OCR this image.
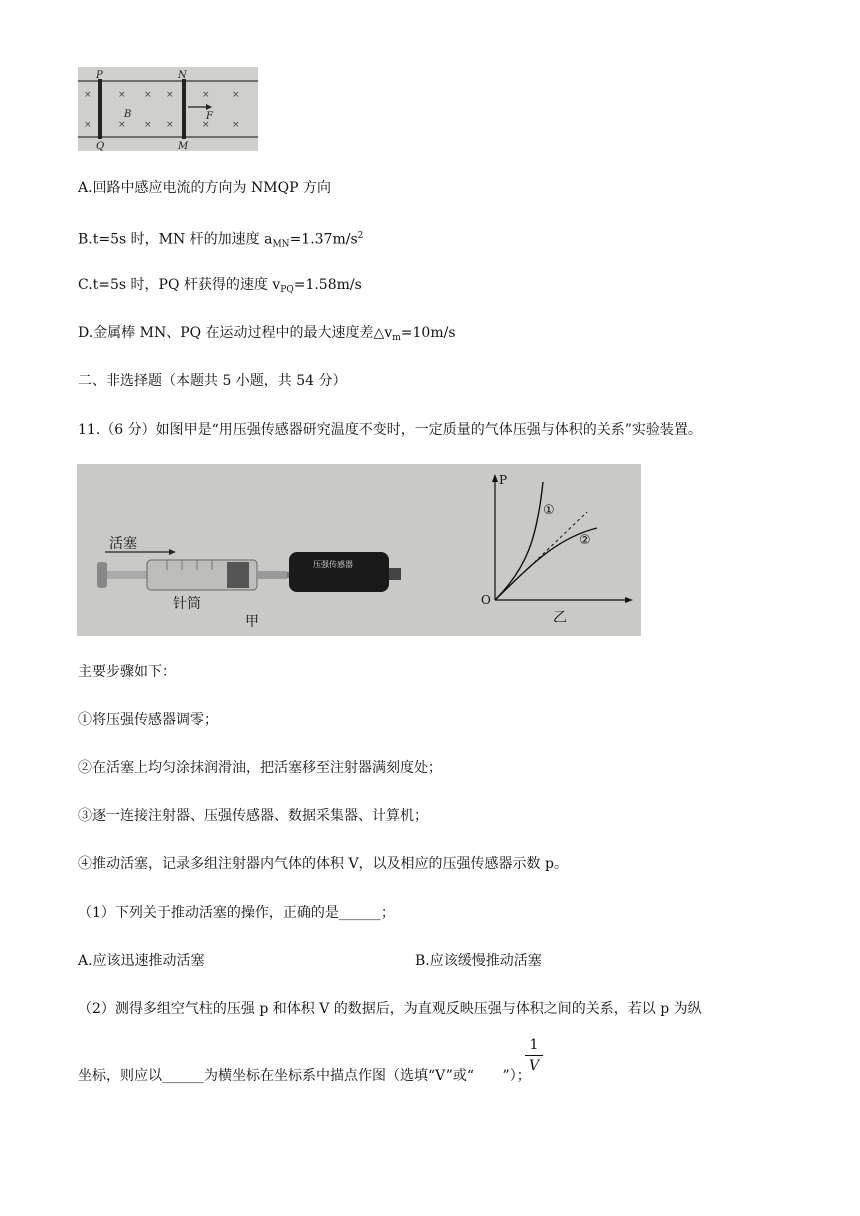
×	× × ×	× ×
×	× × ×	× ×
P	N
B	F
Q	M
A.回路中感应电流的方向为 NMQP 方向
B.t=5s 时，MN 杆的加速度 $a_{MN}=1.37m/s^2$
C.t=5s 时，PQ 杆获得的速度 $v_{PQ}=1.58m/s$
D.金属棒 MN、PQ 在运动过程中的最大速度差$\triangle v_m=10m/s$
二、非选择题（本题共 5 小题，共 54 分）
11.（6 分）如图甲是“用压强传感器研究温度不变时，一定质量的气体压强与体积的关系”实验装置。
活塞
针筒
压强传感器
甲
P
O
①
②
乙
主要步骤如下：
①将压强传感器调零；
②在活塞上均匀涂抹润滑油，把活塞移至注射器满刻度处；
③逐一连接注射器、压强传感器、数据采集器、计算机；
④推动活塞，记录多组注射器内气体的体积 V，以及相应的压强传感器示数 p。
（1）下列关于推动活塞的操作，正确的是______；
A.应该迅速推动活塞	B.应该缓慢推动活塞
（2）测得多组空气柱的压强 p 和体积 V 的数据后，为直观反映压强与体积之间的关系，若以 p 为纵
坐标，则应以______为横坐标在坐标系中描点作图（选填“V”或“ ”）；
1
V
